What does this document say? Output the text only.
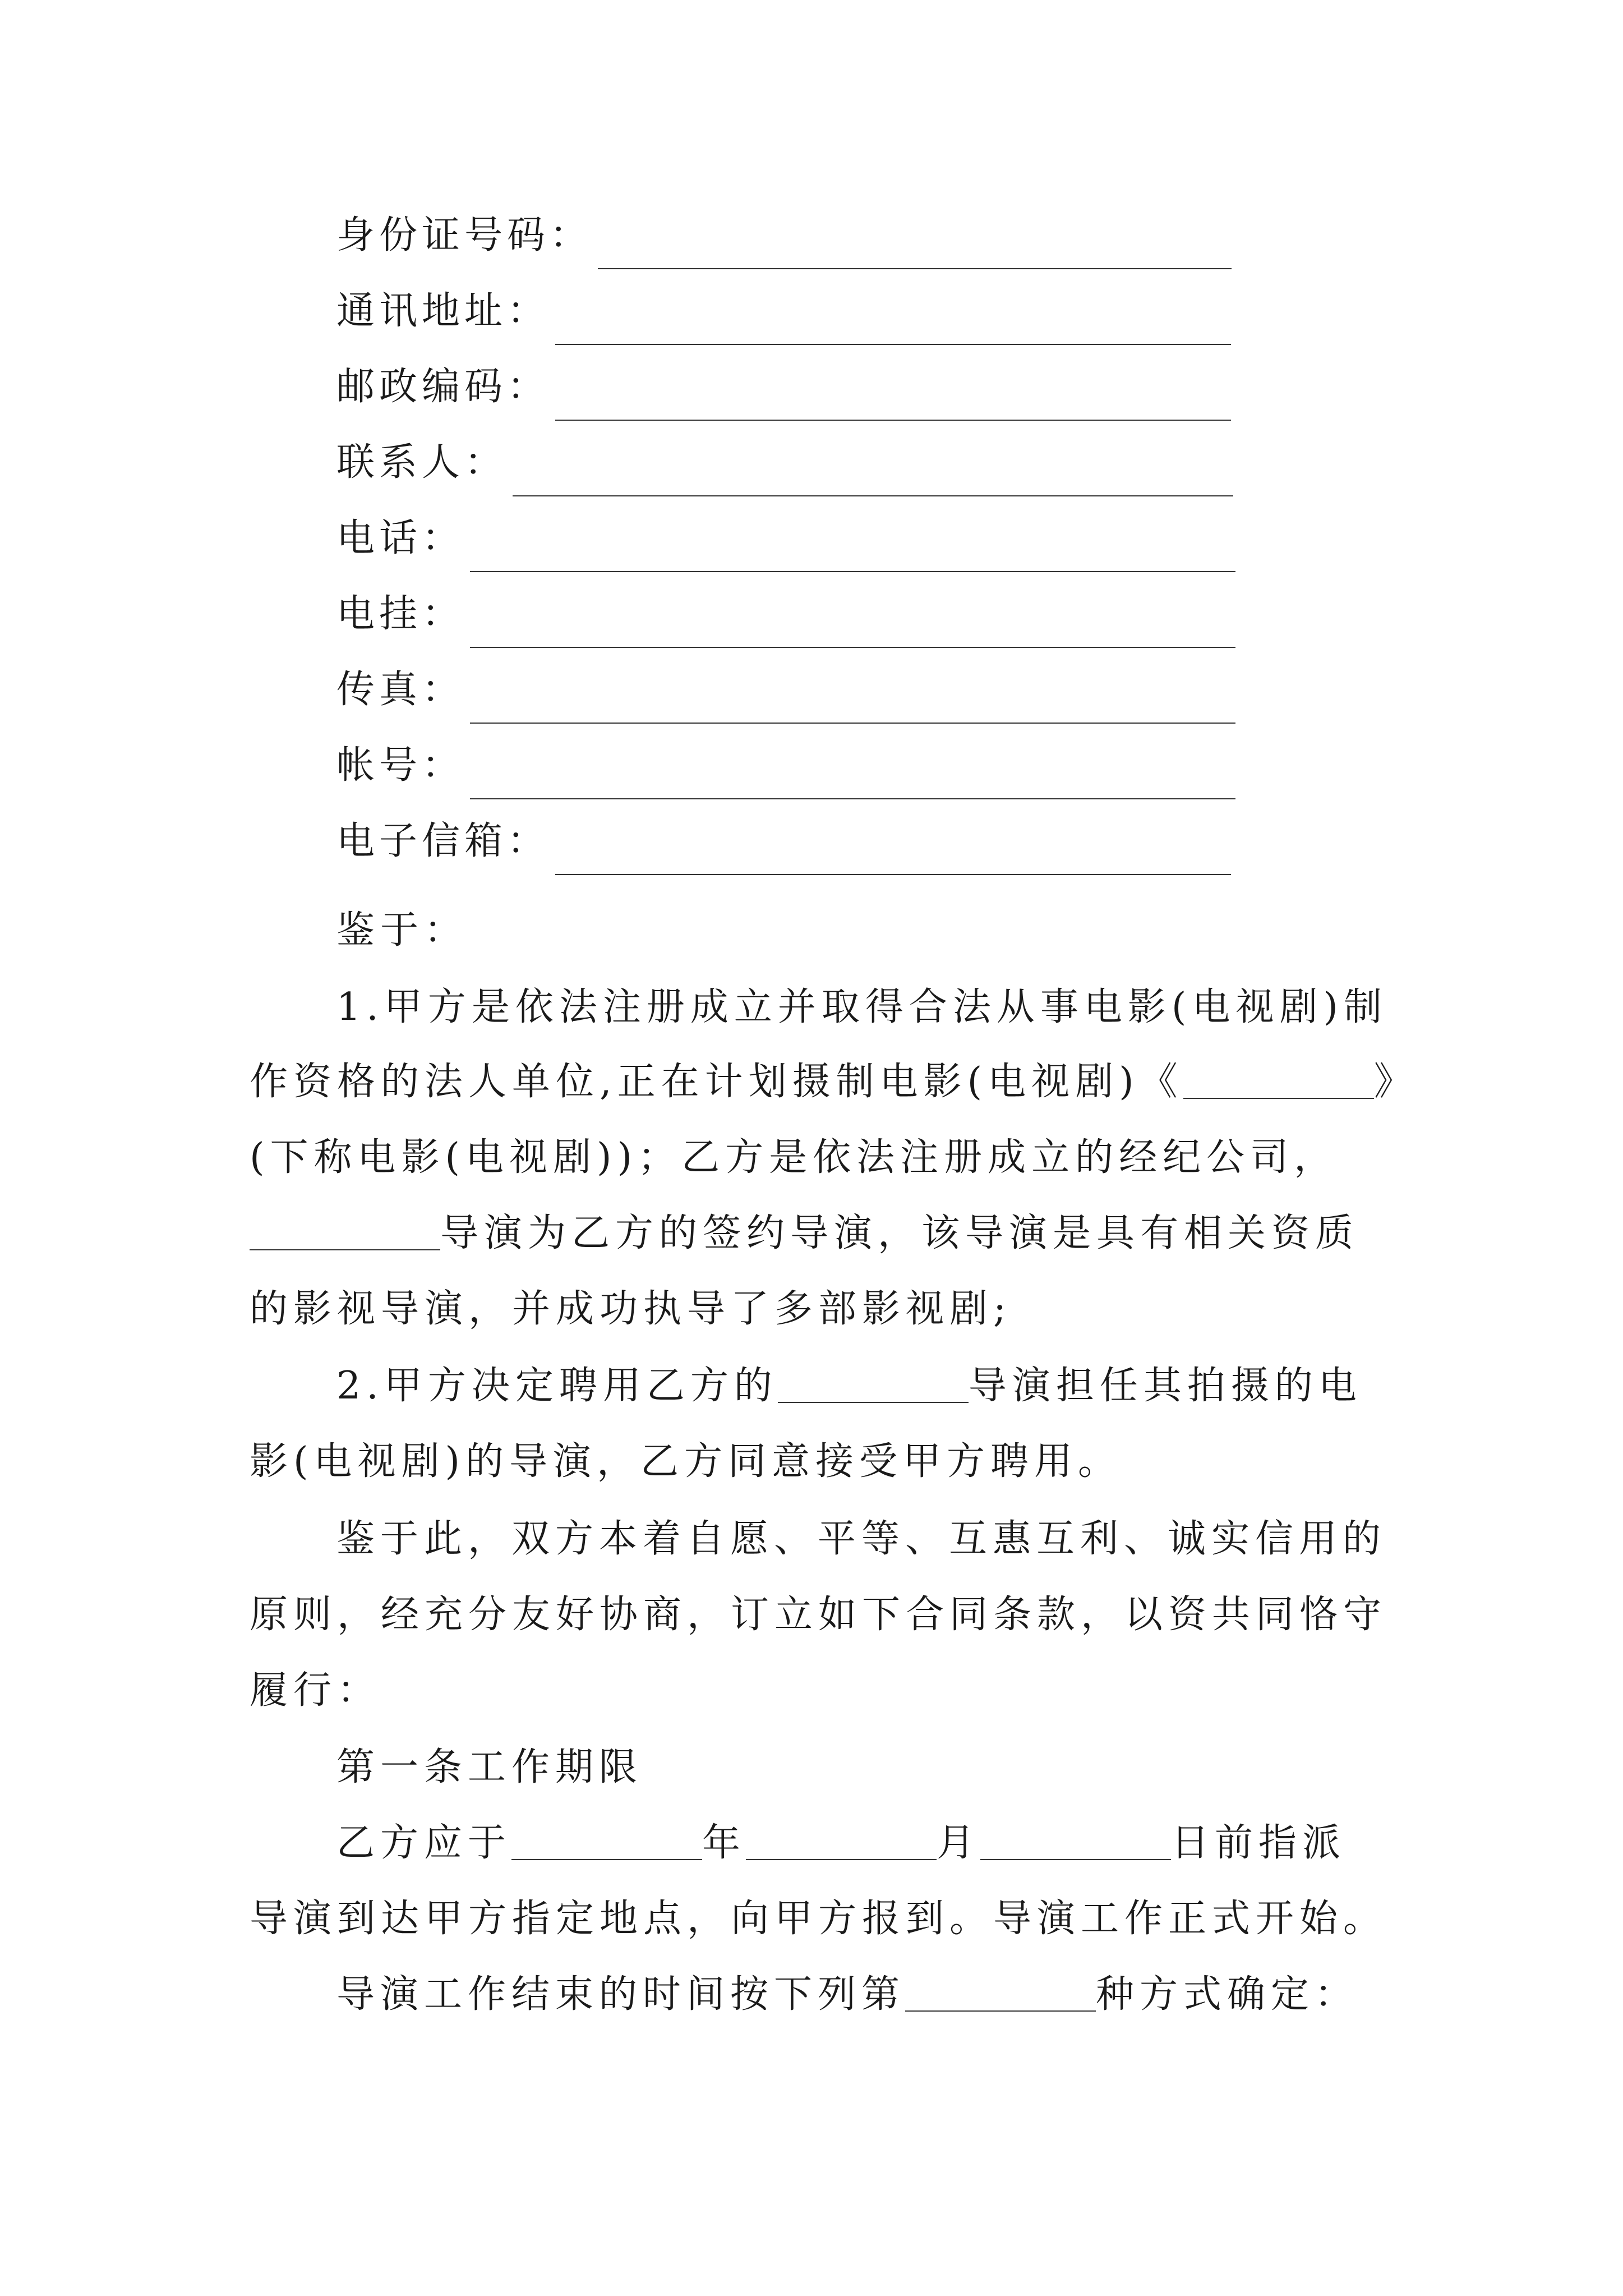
身份证号码：
通讯地址：
邮政编码：
联系人：
电话：
电挂：
传真：
帐号：
电子信箱：
鉴于：
1.甲方是依法注册成立并取得合法从事电影(电视剧)制
作资格的法人单位,正在计划摄制电影(电视剧)《	》
(下称电影(电视剧))；乙方是依法注册成立的经纪公司，
导演为乙方的签约导演，该导演是具有相关资质
的影视导演，并成功执导了多部影视剧;
2.甲方决定聘用乙方的	导演担任其拍摄的电
影(电视剧)的导演，乙方同意接受甲方聘用。
鉴于此，双方本着自愿、平等、互惠互利、诚实信用的
原则，经充分友好协商，订立如下合同条款，以资共同恪守
履行：
第一条工作期限
乙方应于	年	月	日前指派
导演到达甲方指定地点，向甲方报到。导演工作正式开始。
导演工作结束的时间按下列第	种方式确定：
